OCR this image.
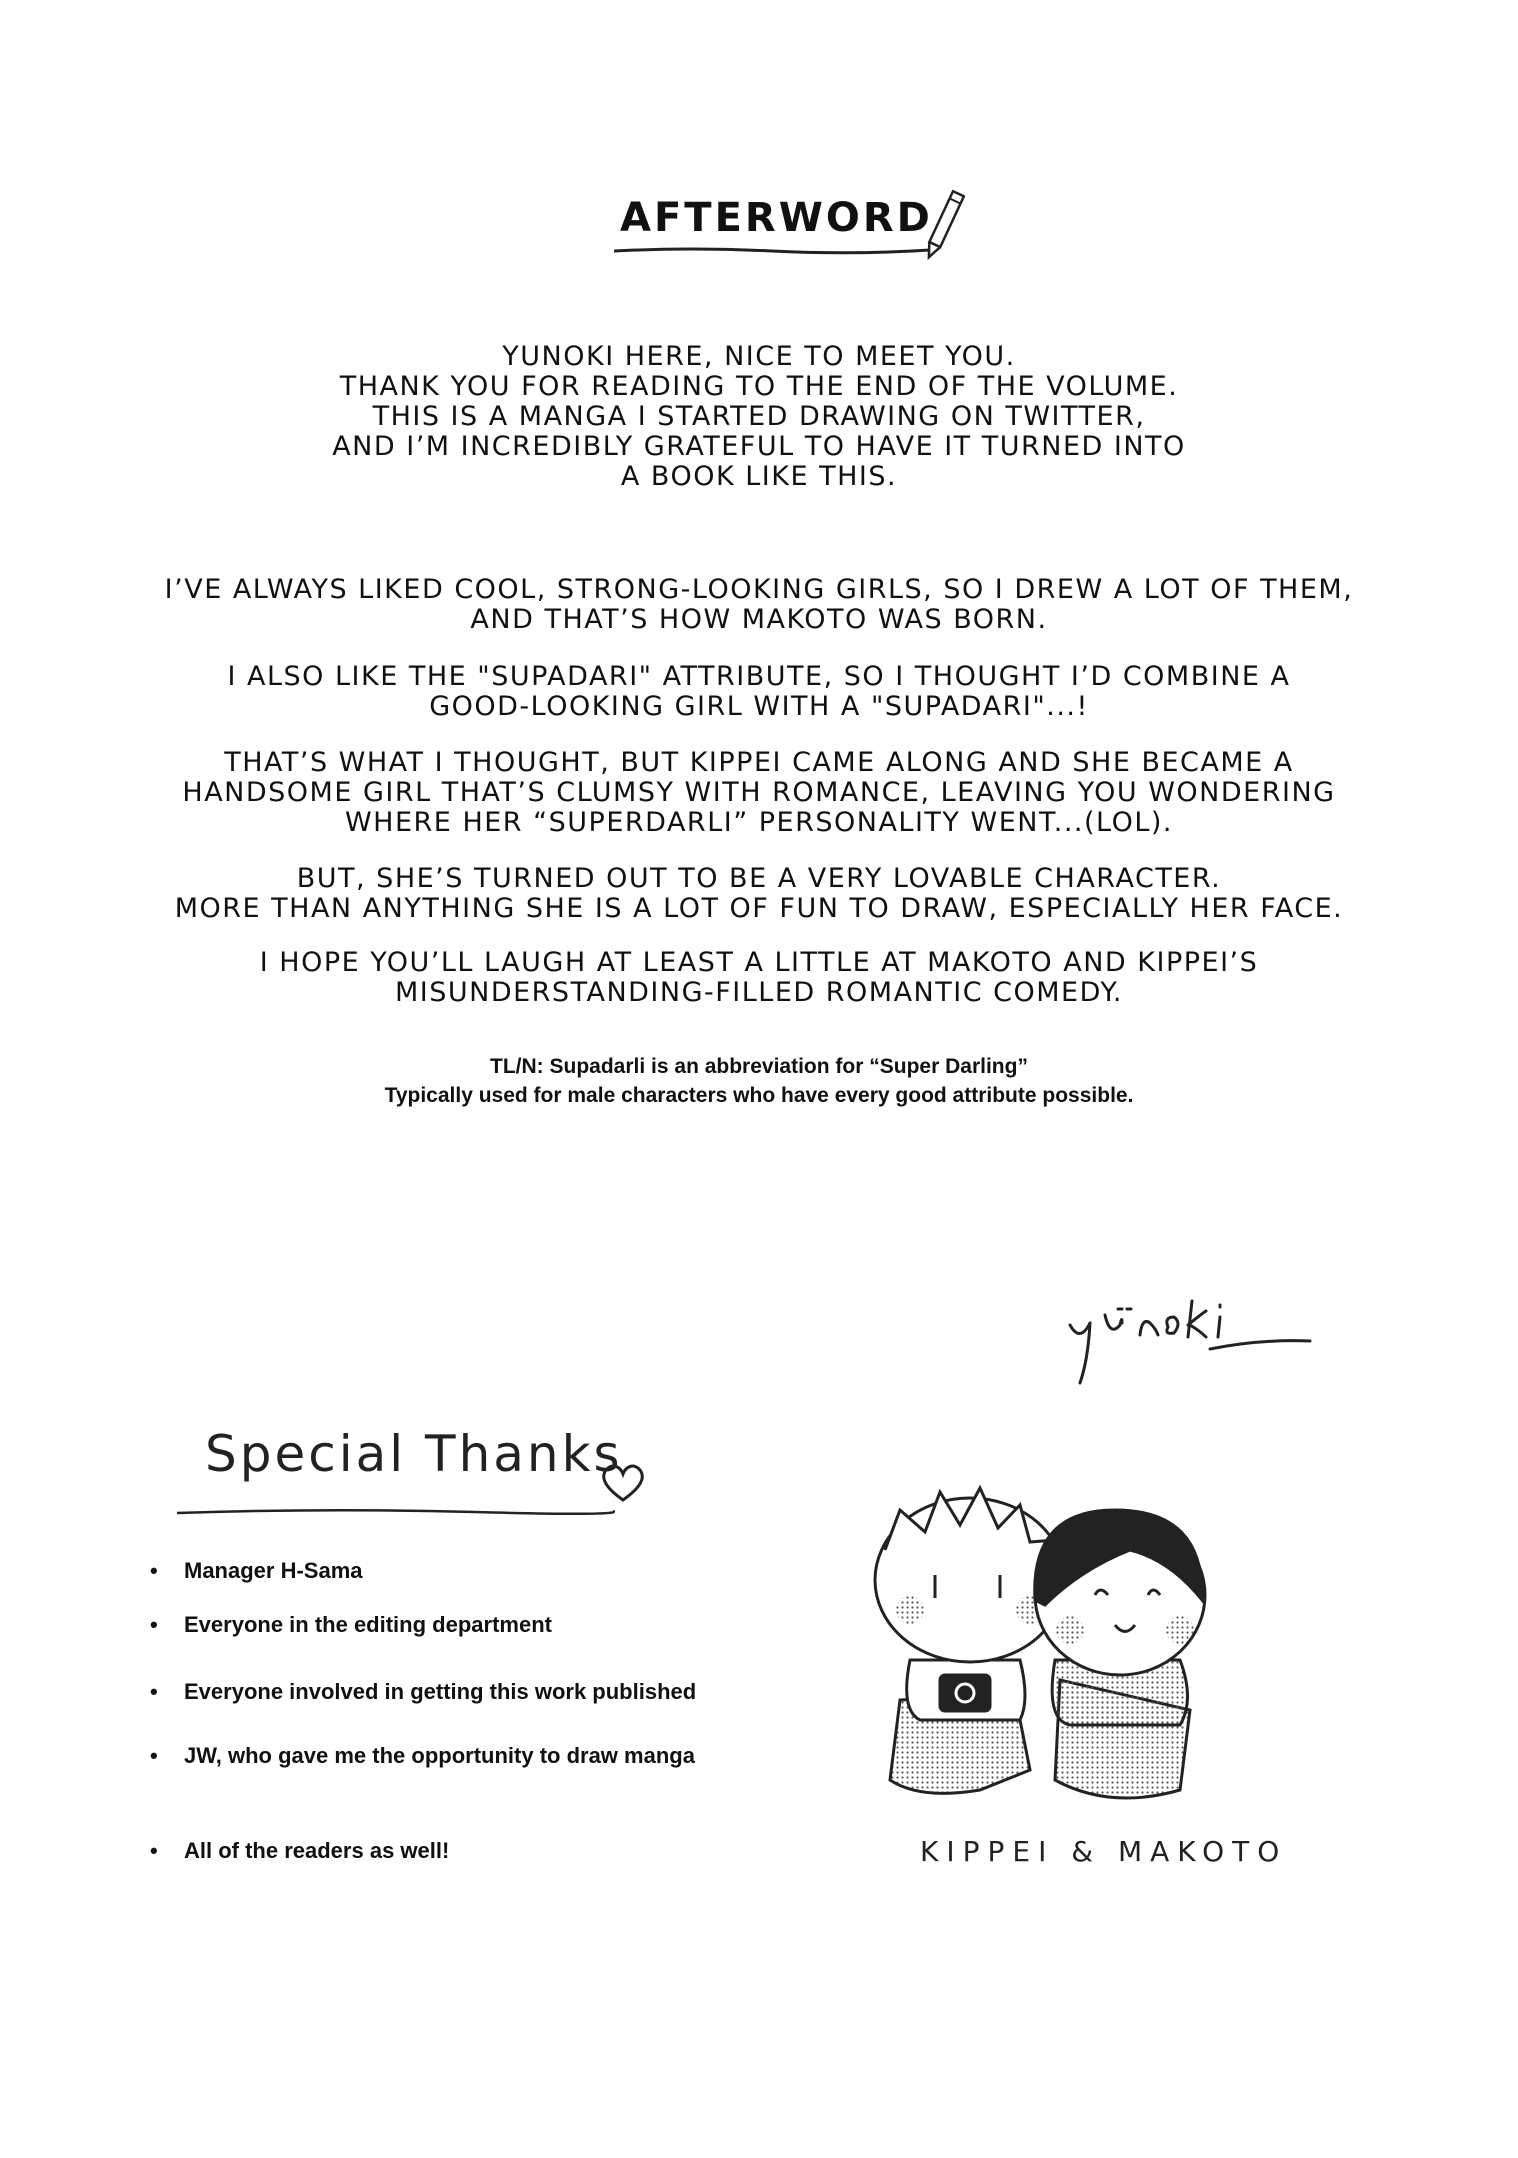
AFTERWORD
YUNOKI HERE, NICE TO MEET YOU.
THANK YOU FOR READING TO THE END OF THE VOLUME.
THIS IS A MANGA I STARTED DRAWING ON TWITTER,
AND I’M INCREDIBLY GRATEFUL TO HAVE IT TURNED INTO
A BOOK LIKE THIS.
I’VE ALWAYS LIKED COOL, STRONG-LOOKING GIRLS, SO I DREW A LOT OF THEM,
AND THAT’S HOW MAKOTO WAS BORN.
I ALSO LIKE THE "SUPADARI" ATTRIBUTE, SO I THOUGHT I’D COMBINE A
GOOD-LOOKING GIRL WITH A "SUPADARI"...!
THAT’S WHAT I THOUGHT, BUT KIPPEI CAME ALONG AND SHE BECAME A
HANDSOME GIRL THAT’S CLUMSY WITH ROMANCE, LEAVING YOU WONDERING
WHERE HER “SUPERDARLI” PERSONALITY WENT...(LOL).
BUT, SHE’S TURNED OUT TO BE A VERY LOVABLE CHARACTER.
MORE THAN ANYTHING SHE IS A LOT OF FUN TO DRAW, ESPECIALLY HER FACE.
I HOPE YOU’LL LAUGH AT LEAST A LITTLE AT MAKOTO AND KIPPEI’S
MISUNDERSTANDING-FILLED ROMANTIC COMEDY.
TL/N: Supadarli is an abbreviation for “Super Darling”
Typically used for male characters who have every good attribute possible.
Special Thanks
• Manager H-Sama
• Everyone in the editing department
• Everyone involved in getting this work published
• JW, who gave me the opportunity to draw manga
• All of the readers as well!	KIPPEI & MAKOTO
